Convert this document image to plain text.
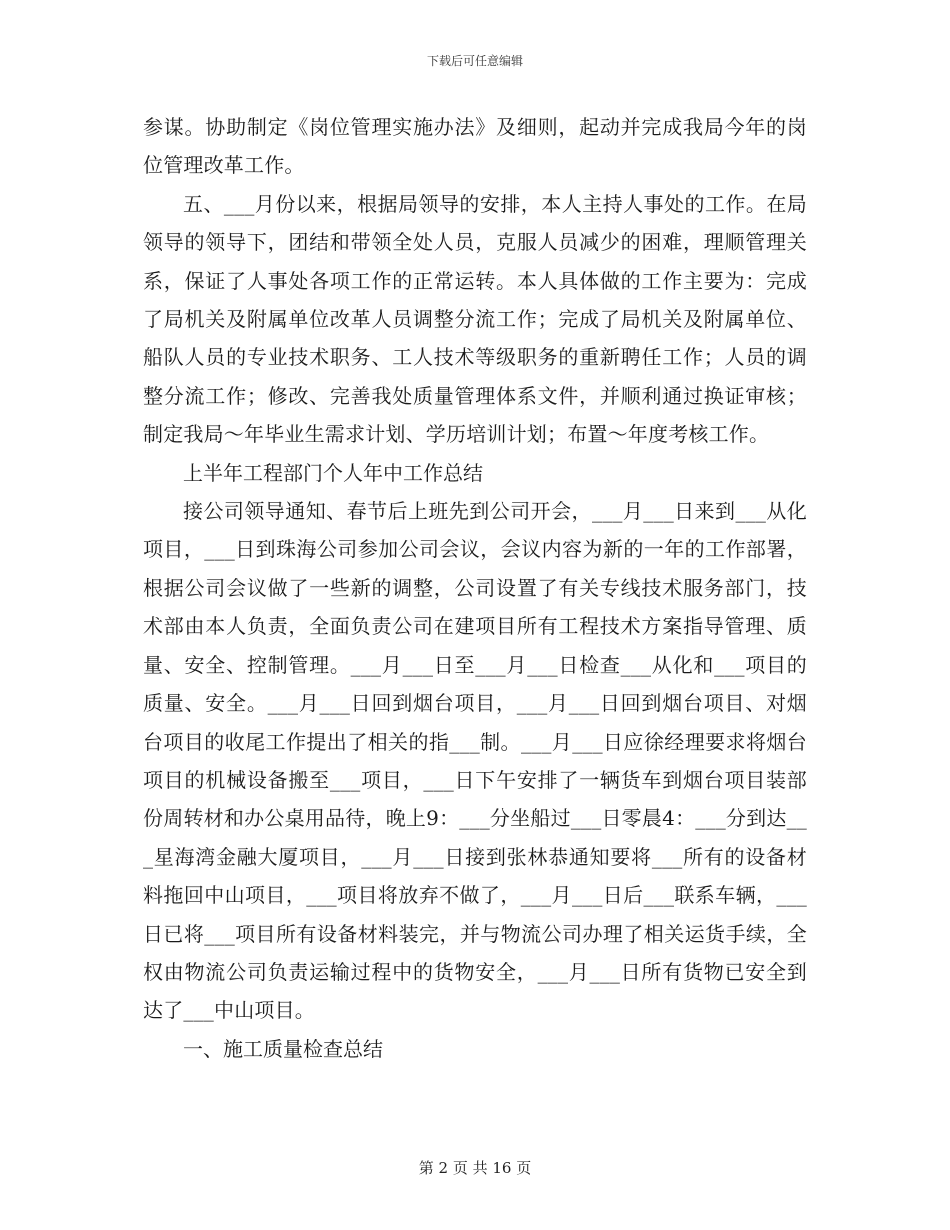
下载后可任意编辑

参谋。协助制定《岗位管理实施办法》及细则，起动并完成我局今年的岗位管理改革工作。

五、___月份以来，根据局领导的安排，本人主持人事处的工作。在局领导的领导下，团结和带领全处人员，克服人员减少的困难，理顺管理关系，保证了人事处各项工作的正常运转。本人具体做的工作主要为：完成了局机关及附属单位改革人员调整分流工作；完成了局机关及附属单位、船队人员的专业技术职务、工人技术等级职务的重新聘任工作；人员的调整分流工作；修改、完善我处质量管理体系文件，并顺利通过换证审核；制定我局～年毕业生需求计划、学历培训计划；布置～年度考核工作。

上半年工程部门个人年中工作总结

接公司领导通知、春节后上班先到公司开会，___月___日来到___从化项目，___日到珠海公司参加公司会议，会议内容为新的一年的工作部署，根据公司会议做了一些新的调整，公司设置了有关专线技术服务部门，技术部由本人负责，全面负责公司在建项目所有工程技术方案指导管理、质量、安全、控制管理。___月___日至___月___日检查___从化和___项目的质量、安全。___月___日回到烟台项目，___月___日回到烟台项目、对烟台项目的收尾工作提出了相关的指___制。___月___日应徐经理要求将烟台项目的机械设备搬至___项目，___日下午安排了一辆货车到烟台项目装部份周转材和办公桌用品待，晚上9：___分坐船过___日零晨4：___分到达___星海湾金融大厦项目，___月___日接到张林恭通知要将___所有的设备材料拖回中山项目，___项目将放弃不做了，___月___日后___联系车辆，___日已将___项目所有设备材料装完，并与物流公司办理了相关运货手续，全权由物流公司负责运输过程中的货物安全，___月___日所有货物已安全到达了___中山项目。

一、施工质量检查总结

第 2 页 共 16 页
